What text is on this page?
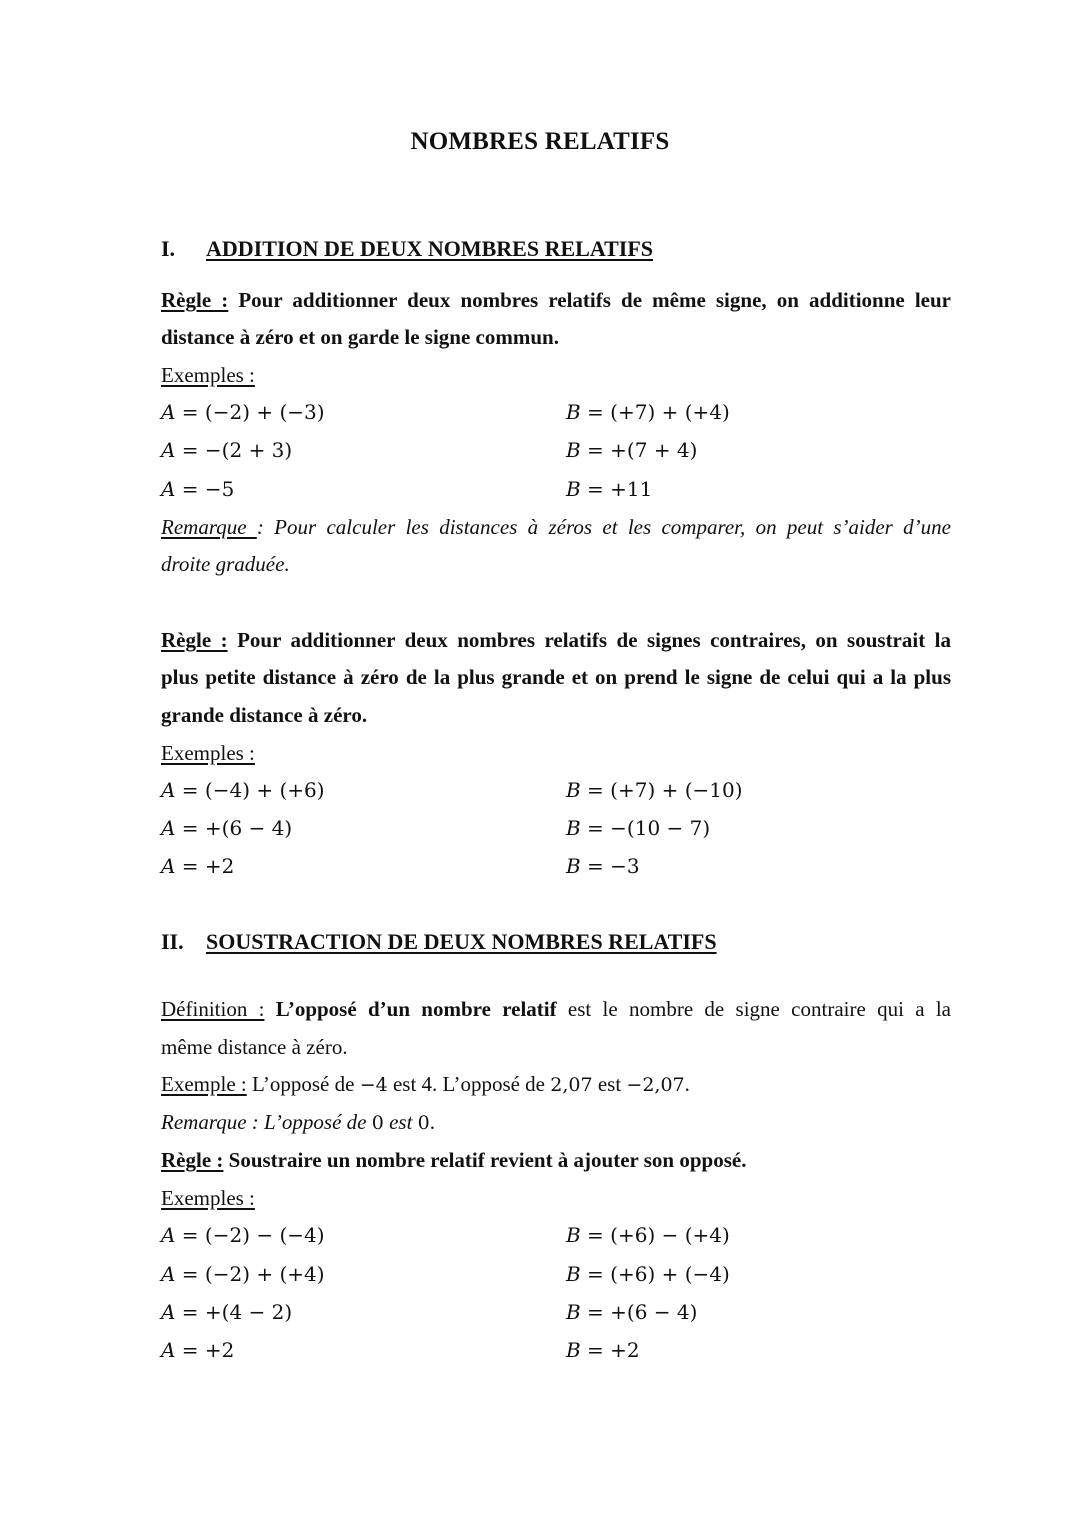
NOMBRES RELATIFS
I. ADDITION DE DEUX NOMBRES RELATIFS
Règle : Pour additionner deux nombres relatifs de même signe, on additionne leur
distance à zéro et on garde le signe commun.
Exemples :
A = (−2) + (−3)	B = (+7) + (+4)
A = −(2 + 3)	B = +(7 + 4)
A = −5	B = +11
Remarque : Pour calculer les distances à zéros et les comparer, on peut s’aider d’une
droite graduée.
Règle : Pour additionner deux nombres relatifs de signes contraires, on soustrait la
plus petite distance à zéro de la plus grande et on prend le signe de celui qui a la plus
grande distance à zéro.
Exemples :
A = (−4) + (+6)	B = (+7) + (−10)
A = +(6 − 4)	B = −(10 − 7)
A = +2	B = −3
II. SOUSTRACTION DE DEUX NOMBRES RELATIFS
Définition : L’opposé d’un nombre relatif est le nombre de signe contraire qui a la
même distance à zéro.
Exemple : L’opposé de −4 est 4. L’opposé de 2,07 est −2,07.
Remarque : L’opposé de 0 est 0.
Règle : Soustraire un nombre relatif revient à ajouter son opposé.
Exemples :
A = (−2) − (−4)	B = (+6) − (+4)
A = (−2) + (+4)	B = (+6) + (−4)
A = +(4 − 2)	B = +(6 − 4)
A = +2	B = +2
